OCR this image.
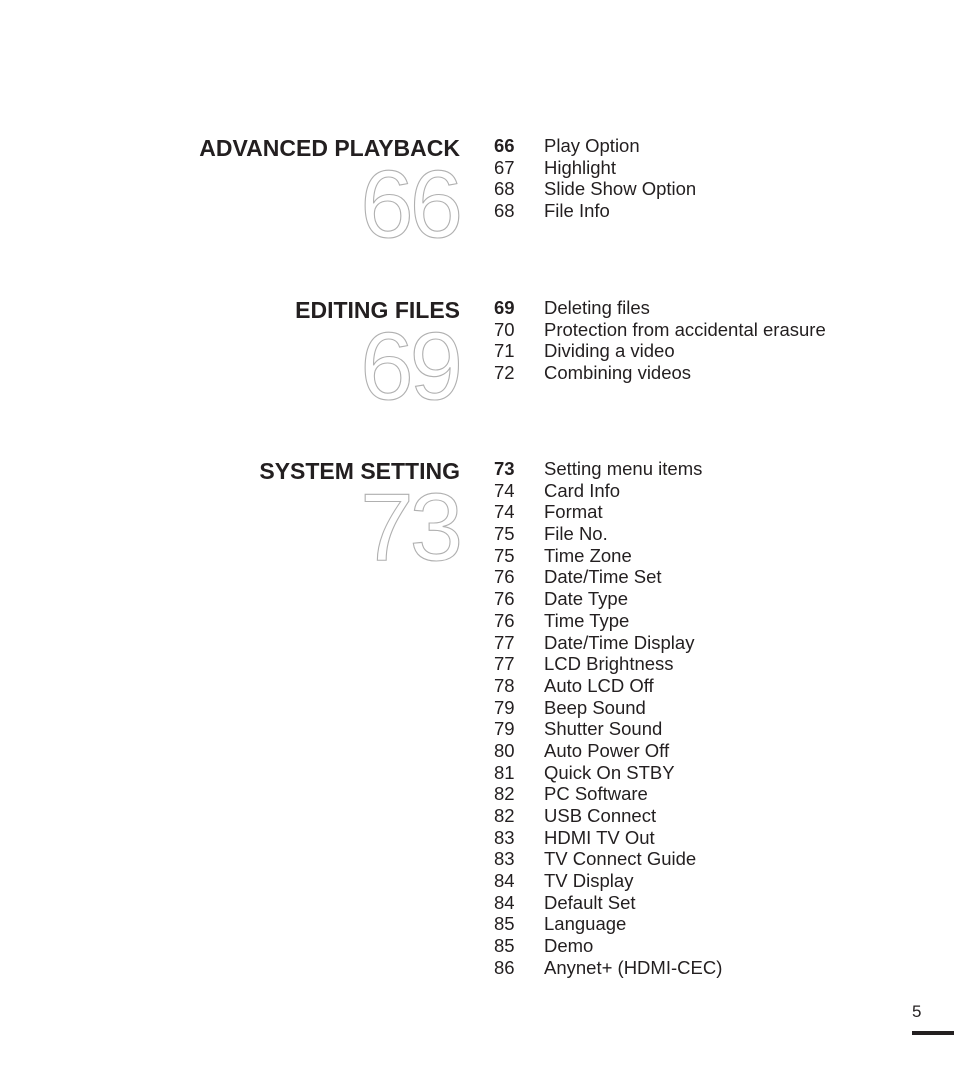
ADVANCED PLAYBACK
66
66 Play Option
67 Highlight
68 Slide Show Option
68 File Info
EDITING FILES
69
69 Deleting files
70 Protection from accidental erasure
71 Dividing a video
72 Combining videos
SYSTEM SETTING
73
73 Setting menu items
74 Card Info
74 Format
75 File No.
75 Time Zone
76 Date/Time Set
76 Date Type
76 Time Type
77 Date/Time Display
77 LCD Brightness
78 Auto LCD Off
79 Beep Sound
79 Shutter Sound
80 Auto Power Off
81 Quick On STBY
82 PC Software
82 USB Connect
83 HDMI TV Out
83 TV Connect Guide
84 TV Display
84 Default Set
85 Language
85 Demo
86 Anynet+ (HDMI-CEC)
5
